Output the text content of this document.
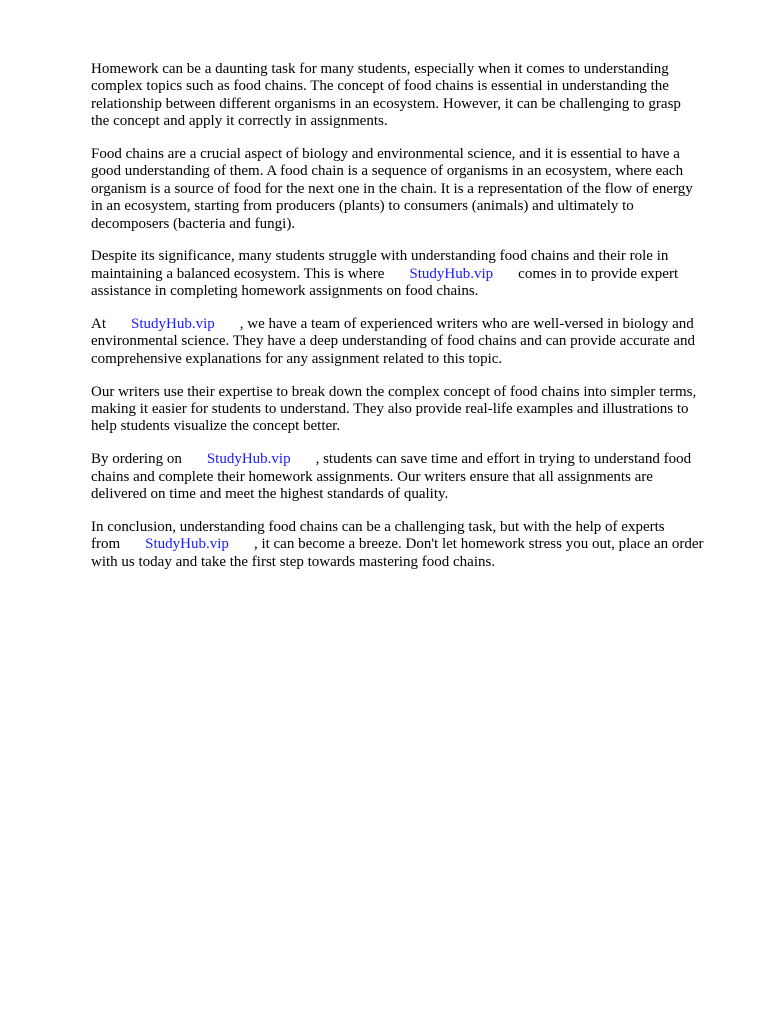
Homework can be a daunting task for many students, especially when it comes to understanding
complex topics such as food chains. The concept of food chains is essential in understanding the
relationship between different organisms in an ecosystem. However, it can be challenging to grasp
the concept and apply it correctly in assignments.

Food chains are a crucial aspect of biology and environmental science, and it is essential to have a
good understanding of them. A food chain is a sequence of organisms in an ecosystem, where each
organism is a source of food for the next one in the chain. It is a representation of the flow of energy
in an ecosystem, starting from producers (plants) to consumers (animals) and ultimately to
decomposers (bacteria and fungi).

Despite its significance, many students struggle with understanding food chains and their role in
maintaining a balanced ecosystem. This is where StudyHub.vip comes in to provide expert
assistance in completing homework assignments on food chains.

At StudyHub.vip , we have a team of experienced writers who are well-versed in biology and
environmental science. They have a deep understanding of food chains and can provide accurate and
comprehensive explanations for any assignment related to this topic.

Our writers use their expertise to break down the complex concept of food chains into simpler terms,
making it easier for students to understand. They also provide real-life examples and illustrations to
help students visualize the concept better.

By ordering on StudyHub.vip , students can save time and effort in trying to understand food
chains and complete their homework assignments. Our writers ensure that all assignments are
delivered on time and meet the highest standards of quality.

In conclusion, understanding food chains can be a challenging task, but with the help of experts
from StudyHub.vip , it can become a breeze. Don't let homework stress you out, place an order
with us today and take the first step towards mastering food chains.
